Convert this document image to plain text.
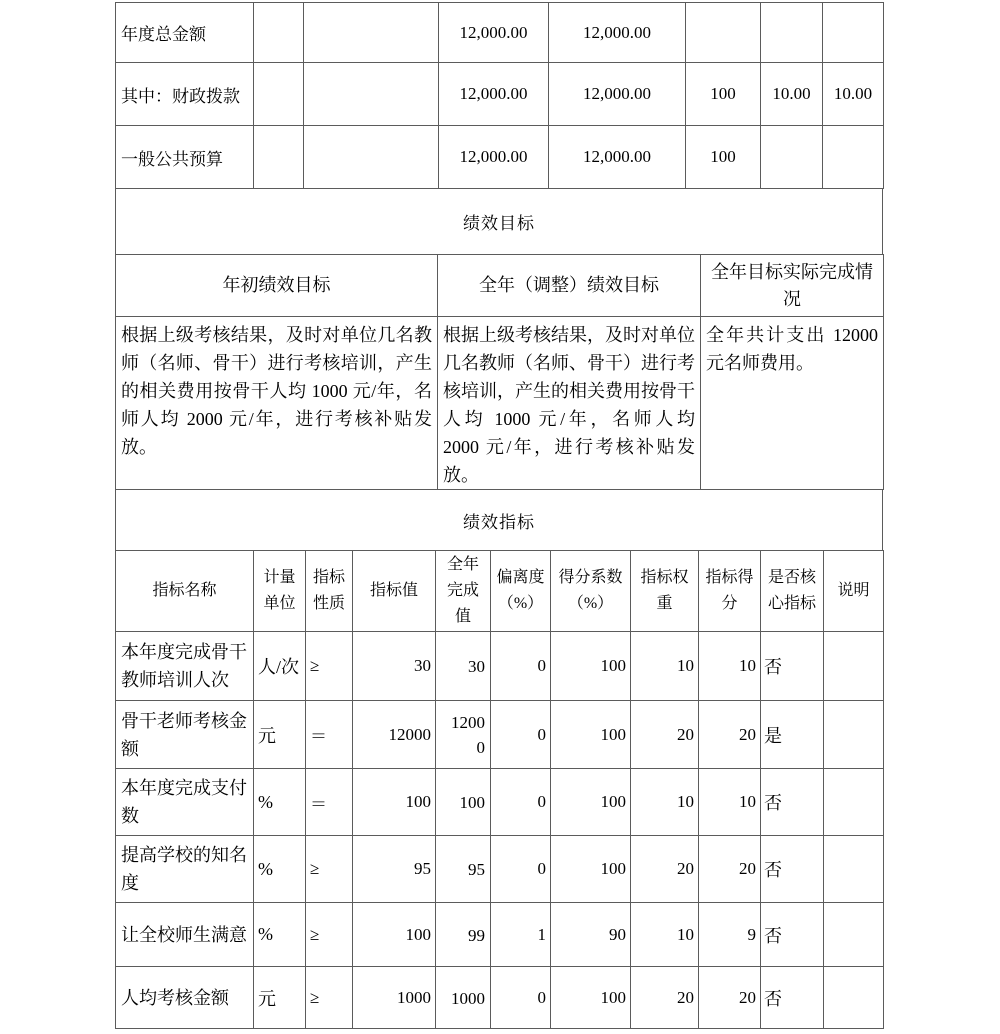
年度总金额			12,000.00	12,000.00			
其中：财政拨款			12,000.00	12,000.00	100	10.00	10.00
一般公共预算			12,000.00	12,000.00	100		
绩效目标
年初绩效目标	全年（调整）绩效目标	全年目标实际完成情况
根据上级考核结果，及时对单位几名教师（名师、骨干）进行考核培训，产生的相关费用按骨干人均 1000 元/年，名师人均 2000 元/年，进行考核补贴发放。	根据上级考核结果，及时对单位几名教师（名师、骨干）进行考核培训，产生的相关费用按骨干人均 1000 元/年，名师人均 2000 元/年，进行考核补贴发放。	全年共计支出 12000 元名师费用。
绩效指标
指标名称	计量单位	指标性质	指标值	全年完成值	偏离度（%）	得分系数（%）	指标权重	指标得分	是否核心指标	说明
本年度完成骨干教师培训人次	人/次	≥	30	30	0	100	10	10	否	
骨干老师考核金额	元	＝	12000	12000	0	100	20	20	是	
本年度完成支付数	%	＝	100	100	0	100	10	10	否	
提高学校的知名度	%	≥	95	95	0	100	20	20	否	
让全校师生满意	%	≥	100	99	1	90	10	9	否	
人均考核金额	元	≥	1000	1000	0	100	20	20	否	
